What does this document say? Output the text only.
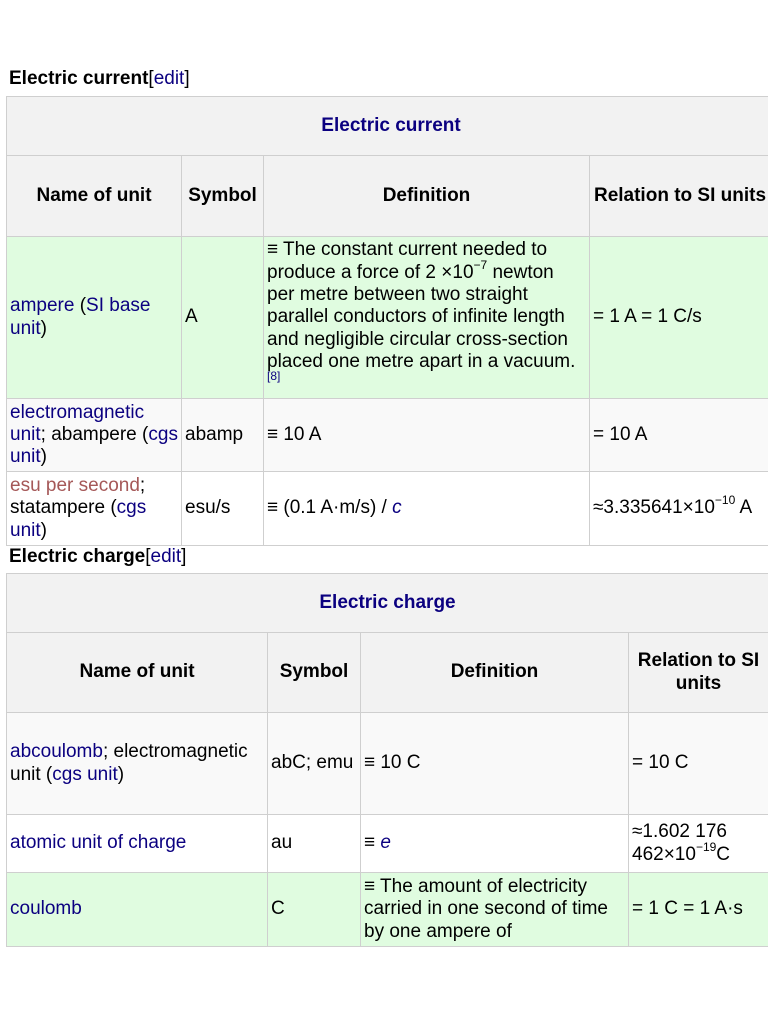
Electric current[edit]
Electric current			

Name of unit	Symbol	Definition	Relation to SI units

ampere (SI base unit)	A	≡ The constant current needed to produce a force of $2 \times 10^{-7}$ newton per metre between two straight parallel conductors of infinite length and negligible circular cross-section placed one metre apart in a vacuum.[8]	= 1 A = 1 C/s
electromagnetic unit; abampere (cgs unit)	abamp	≡ 10 A	= 10 A
esu per second; statampere (cgs unit)	esu/s	≡ (0.1 A·m/s) / c	$\approx 3.335641\times 10^{-10}$ A
Electric charge[edit]
Electric charge			
Name of unit	Symbol	Definition	Relation to SI units
abcoulomb; electromagnetic unit (cgs unit)	abC; emu	≡ 10 C	= 10 C
atomic unit of charge	au	≡ e	≈1.602 176 $462\times 10^{-19}C$
coulomb	C	≡ The amount of electricity carried in one second of time by one ampere of	= 1 C = 1 A·s
